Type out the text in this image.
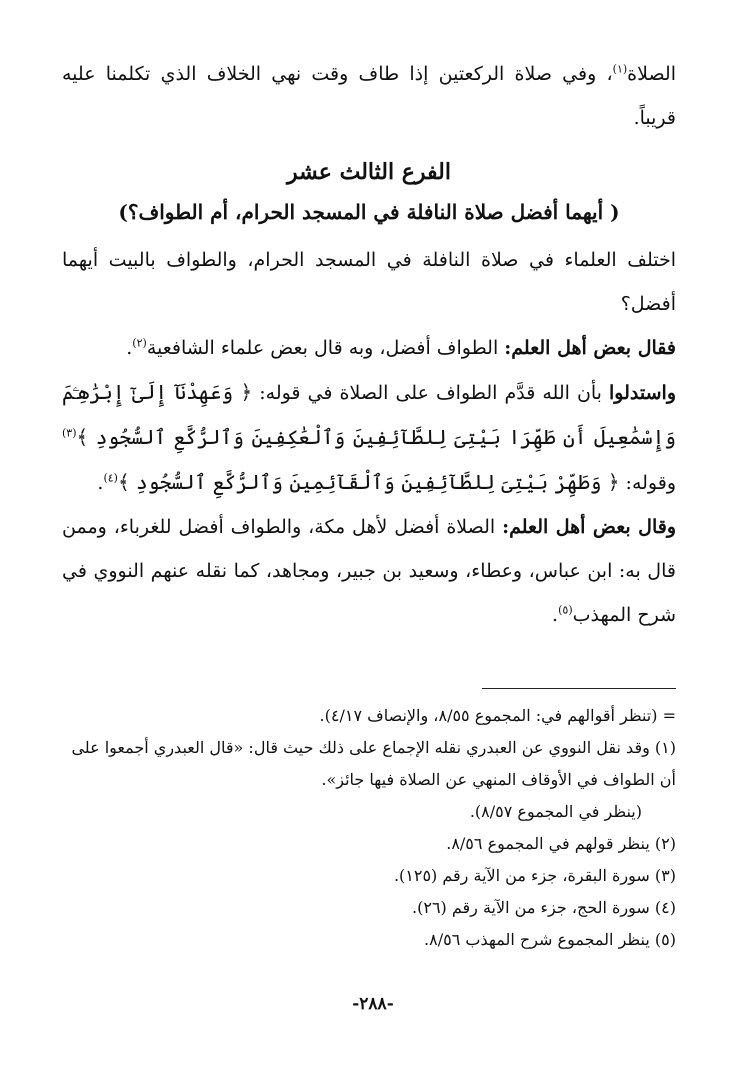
الصلاة$^{(١)}$، وفي صلاة الركعتين إذا طاف وقت نهي الخلاف الذي تكلمنا عليه قريباً.

الفرع الثالث عشر

( أيهما أفضل صلاة النافلة في المسجد الحرام، أم الطواف؟)

اختلف العلماء في صلاة النافلة في المسجد الحرام، والطواف بالبيت أيهما أفضل؟

فقال بعض أهل العلم: الطواف أفضل، وبه قال بعض علماء الشافعية$^{(٢)}$.

واستدلوا بأن الله قدَّم الطواف على الصلاة في قوله: ﴿ وَعَهِدْنَآ إِلَىٰٓ إِبْرَٰهِـۧمَ وَإِسْمَٰعِيلَ أَن طَهِّرَا بَيْتِىَ لِلطَّآئِفِينَ وَٱلْعَٰكِفِينَ وَٱلرُّكَّعِ ٱلسُّجُودِ ﴾$^{(٣)}$ وقوله: ﴿ وَطَهِّرْ بَيْتِىَ لِلطَّآئِفِينَ وَٱلْقَآئِمِينَ وَٱلرُّكَّعِ ٱلسُّجُودِ ﴾$^{(٤)}$.

وقال بعض أهل العلم: الصلاة أفضل لأهل مكة، والطواف أفضل للغرباء، وممن قال به: ابن عباس، وعطاء، وسعيد بن جبير، ومجاهد، كما نقله عنهم النووي في شرح المهذب$^{(٥)}$.

= (تنظر أقوالهم في: المجموع ٨/٥٥، والإنصاف ٤/١٧).

(١) وقد نقل النووي عن العبدري نقله الإجماع على ذلك حيث قال: «قال العبدري أجمعوا على أن الطواف في الأوقاف المنهي عن الصلاة فيها جائز».

(ينظر في المجموع ٨/٥٧).

(٢) ينظر قولهم في المجموع ٨/٥٦.

(٣) سورة البقرة، جزء من الآية رقم (١٢٥).

(٤) سورة الحج، جزء من الآية رقم (٢٦).

(٥) ينظر المجموع شرح المهذب ٨/٥٦.

-٢٨٨-
